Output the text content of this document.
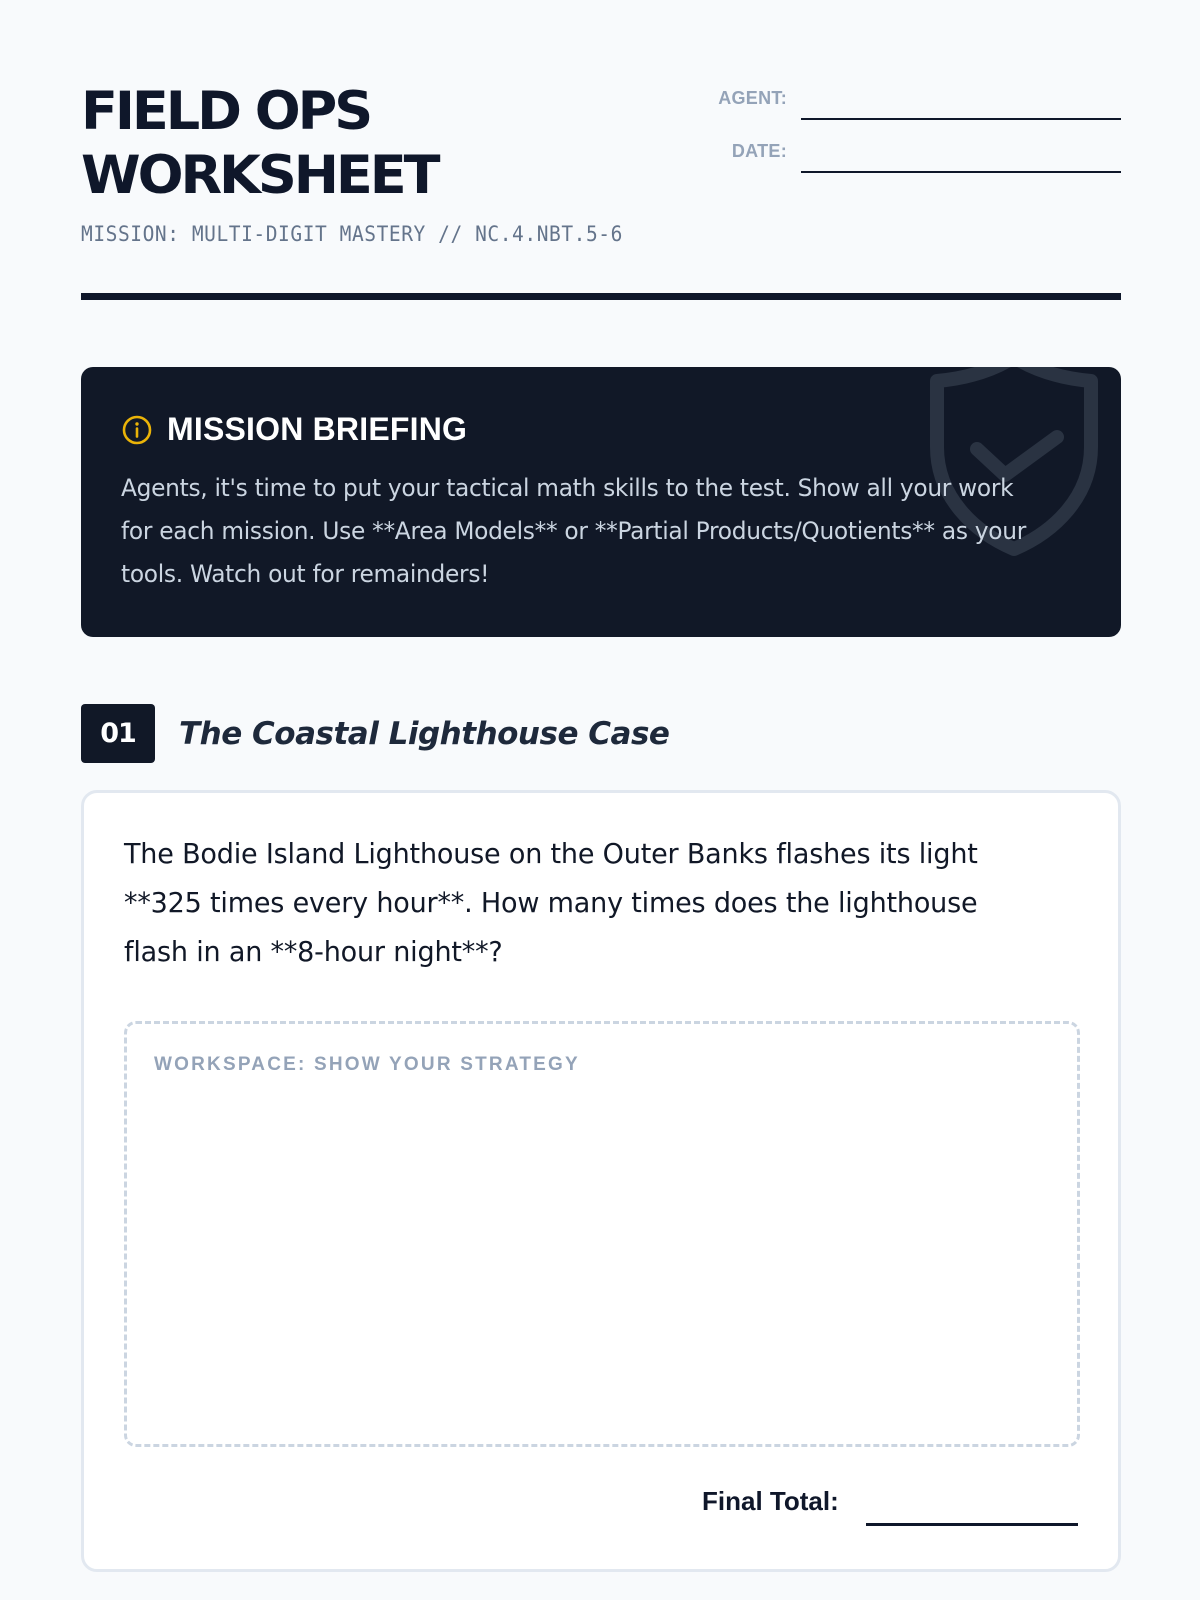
FIELD OPS
WORKSHEET
MISSION: MULTI-DIGIT MASTERY // NC.4.NBT.5-6
AGENT:
DATE:
MISSION BRIEFING
Agents, it's time to put your tactical math skills to the test. Show all your work for each mission. Use **Area Models** or **Partial Products/Quotients** as your tools. Watch out for remainders!
01	The Coastal Lighthouse Case
The Bodie Island Lighthouse on the Outer Banks flashes its light **325 times every hour**. How many times does the lighthouse flash in an **8-hour night**?
WORKSPACE: SHOW YOUR STRATEGY
Final Total:
